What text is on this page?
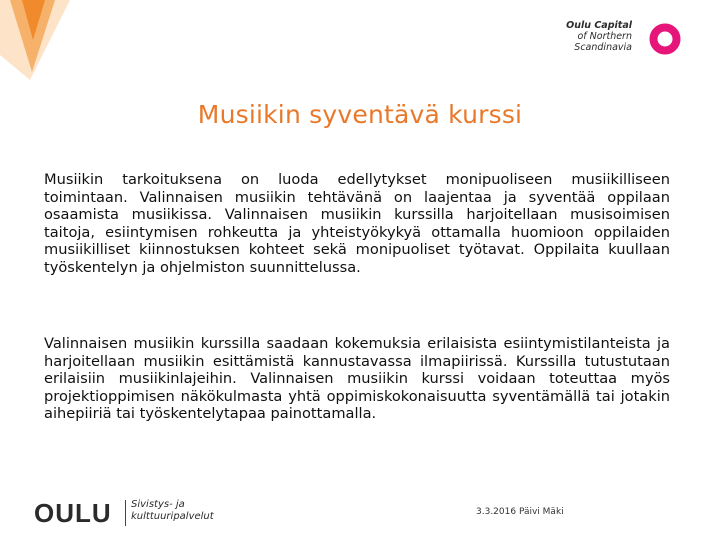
Oulu Capital
of Northern
Scandinavia
Musiikin syventävä kurssi

Musiikin tarkoituksena on luoda edellytykset monipuoliseen musiikilliseen toimintaan. Valinnaisen musiikin tehtävänä on laajentaa ja syventää oppilaan osaamista musiikissa. Valinnaisen musiikin kurssilla harjoitellaan musisoimisen taitoja, esiintymisen rohkeutta ja yhteistyökykyä ottamalla huomioon oppilaiden musiikilliset kiinnostuksen kohteet sekä monipuoliset työtavat. Oppilaita kuullaan työskentelyn ja ohjelmiston suunnittelussa.

Valinnaisen musiikin kurssilla saadaan kokemuksia erilaisista esiintymistilanteista ja harjoitellaan musiikin esittämistä kannustavassa ilmapiirissä. Kurssilla tutustutaan erilaisiin musiikinlajeihin. Valinnaisen musiikin kurssi voidaan toteuttaa myös projektioppimisen näkökulmasta yhtä oppimiskokonaisuutta syventämällä tai jotakin aihepiiriä tai työskentelytapaa painottamalla.

OULU Sivistys- ja
kulttuuripalvelut	3.3.2016 Päivi Mäki
